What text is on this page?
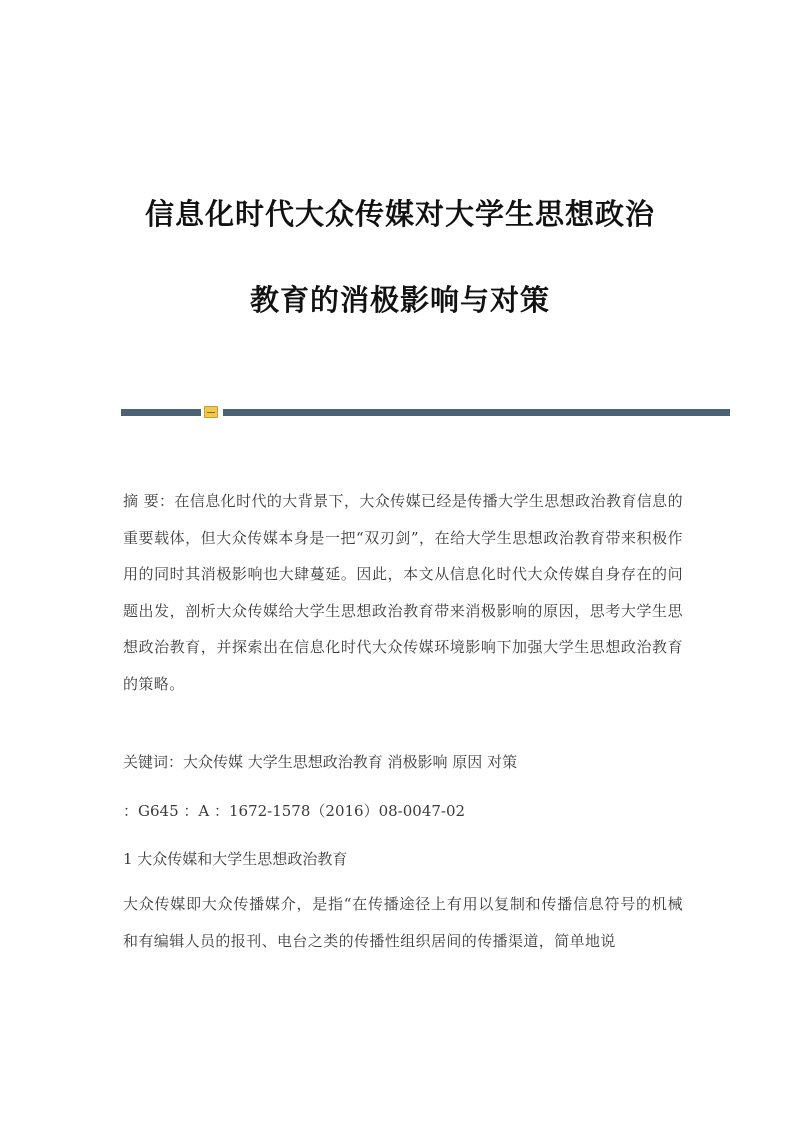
信息化时代大众传媒对大学生思想政治
教育的消极影响与对策

摘 要：在信息化时代的大背景下，大众传媒已经是传播大学生思想政治教育信息的重要载体，但大众传媒本身是一把“双刃剑”，在给大学生思想政治教育带来积极作用的同时其消极影响也大肆蔓延。因此，本文从信息化时代大众传媒自身存在的问题出发，剖析大众传媒给大学生思想政治教育带来消极影响的原因，思考大学生思想政治教育，并探索出在信息化时代大众传媒环境影响下加强大学生思想政治教育的策略。

关键词：大众传媒 大学生思想政治教育 消极影响 原因 对策

：G645 ：A ：1672-1578（2016）08-0047-02

1 大众传媒和大学生思想政治教育

大众传媒即大众传播媒介，是指“在传播途径上有用以复制和传播信息符号的机械和有编辑人员的报刊、电台之类的传播性组织居间的传播渠道，简单地说
